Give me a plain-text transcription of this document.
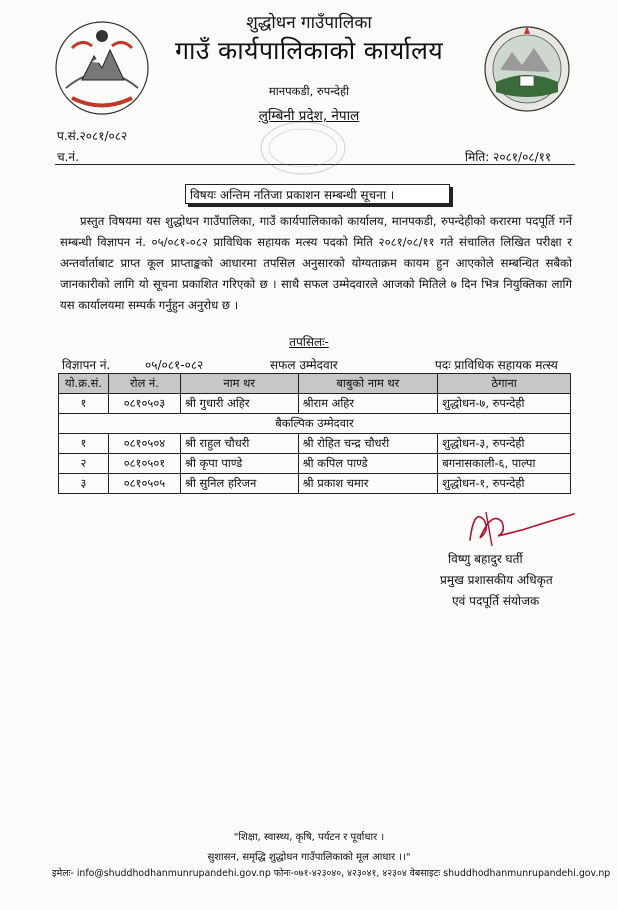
शुद्धोधन गाउँपालिका
गाउँ कार्यपालिकाको कार्यालय
मानपकडी, रुपन्देही
लुम्बिनी प्रदेश, नेपाल
प.सं.२०८१/०८२
च.नं.	मिति: २०८१/०८/११
विषयः अन्तिम नतिजा प्रकाशन सम्बन्धी सूचना ।
प्रस्तुत विषयमा यस शुद्धोधन गाउँपालिका, गाउँ कार्यपालिकाको कार्यालय, मानपकडी, रुपन्देहीको करारमा पदपूर्ति गर्ने सम्बन्धी विज्ञापन नं. ०५/०८१-०८२ प्राविधिक सहायक मत्स्य पदको मिति २०८१/०८/११ गते संचालित लिखित परीक्षा र अन्तर्वार्ताबाट प्राप्त कूल प्राप्ताङ्कको आधारमा तपसिल अनुसारको योग्यताक्रम कायम हुन आएकोले सम्बन्धित सबैको जानकारीको लागि यो सूचना प्रकाशित गरिएको छ । साथै सफल उम्मेदवारले आजको मितिले ७ दिन भित्र नियुक्तिका लागि यस कार्यालयमा सम्पर्क गर्नुहुन अनुरोध छ ।
तपसिलः-
विज्ञापन नं.	०५/०८१-०८२	सफल उम्मेदवार	पदः प्राविधिक सहायक मत्स्य
यो.क्र.सं.	रोल नं.	नाम थर	बाबुको नाम थर	ठेगाना
१	०८१०५०३	श्री गुधारी अहिर	श्रीराम अहिर	शुद्धोधन-७, रुपन्देही
बैकल्पिक उम्मेदवार				
१	०८१०५०४	श्री राहुल चौधरी	श्री रोहित चन्द्र चौधरी	शुद्धोधन-३, रुपन्देही
२	०८१०५०१	श्री कृपा पाण्डे	श्री कपिल पाण्डे	बगनासकाली-६, पाल्पा
३	०८१०५०५	श्री सुनिल हरिजन	श्री प्रकाश चमार	शुद्धोधन-१, रुपन्देही
विष्णु बहादुर घर्ती
प्रमुख प्रशासकीय अधिकृत
एवं पदपूर्ति संयोजक
"शिक्षा, स्वास्थ्य, कृषि, पर्यटन र पूर्वाधार ।
सुशासन, समृद्धि शुद्धोधन गाउँपालिकाको मूल आधार ।।"
इमेलः- info@shuddhodhanmunrupandehi.gov.np फोनः-०७१-४२३०४०, ४२३०४१, ४२३०४ वेबसाइटः shuddhodhanmunrupandehi.gov.np
